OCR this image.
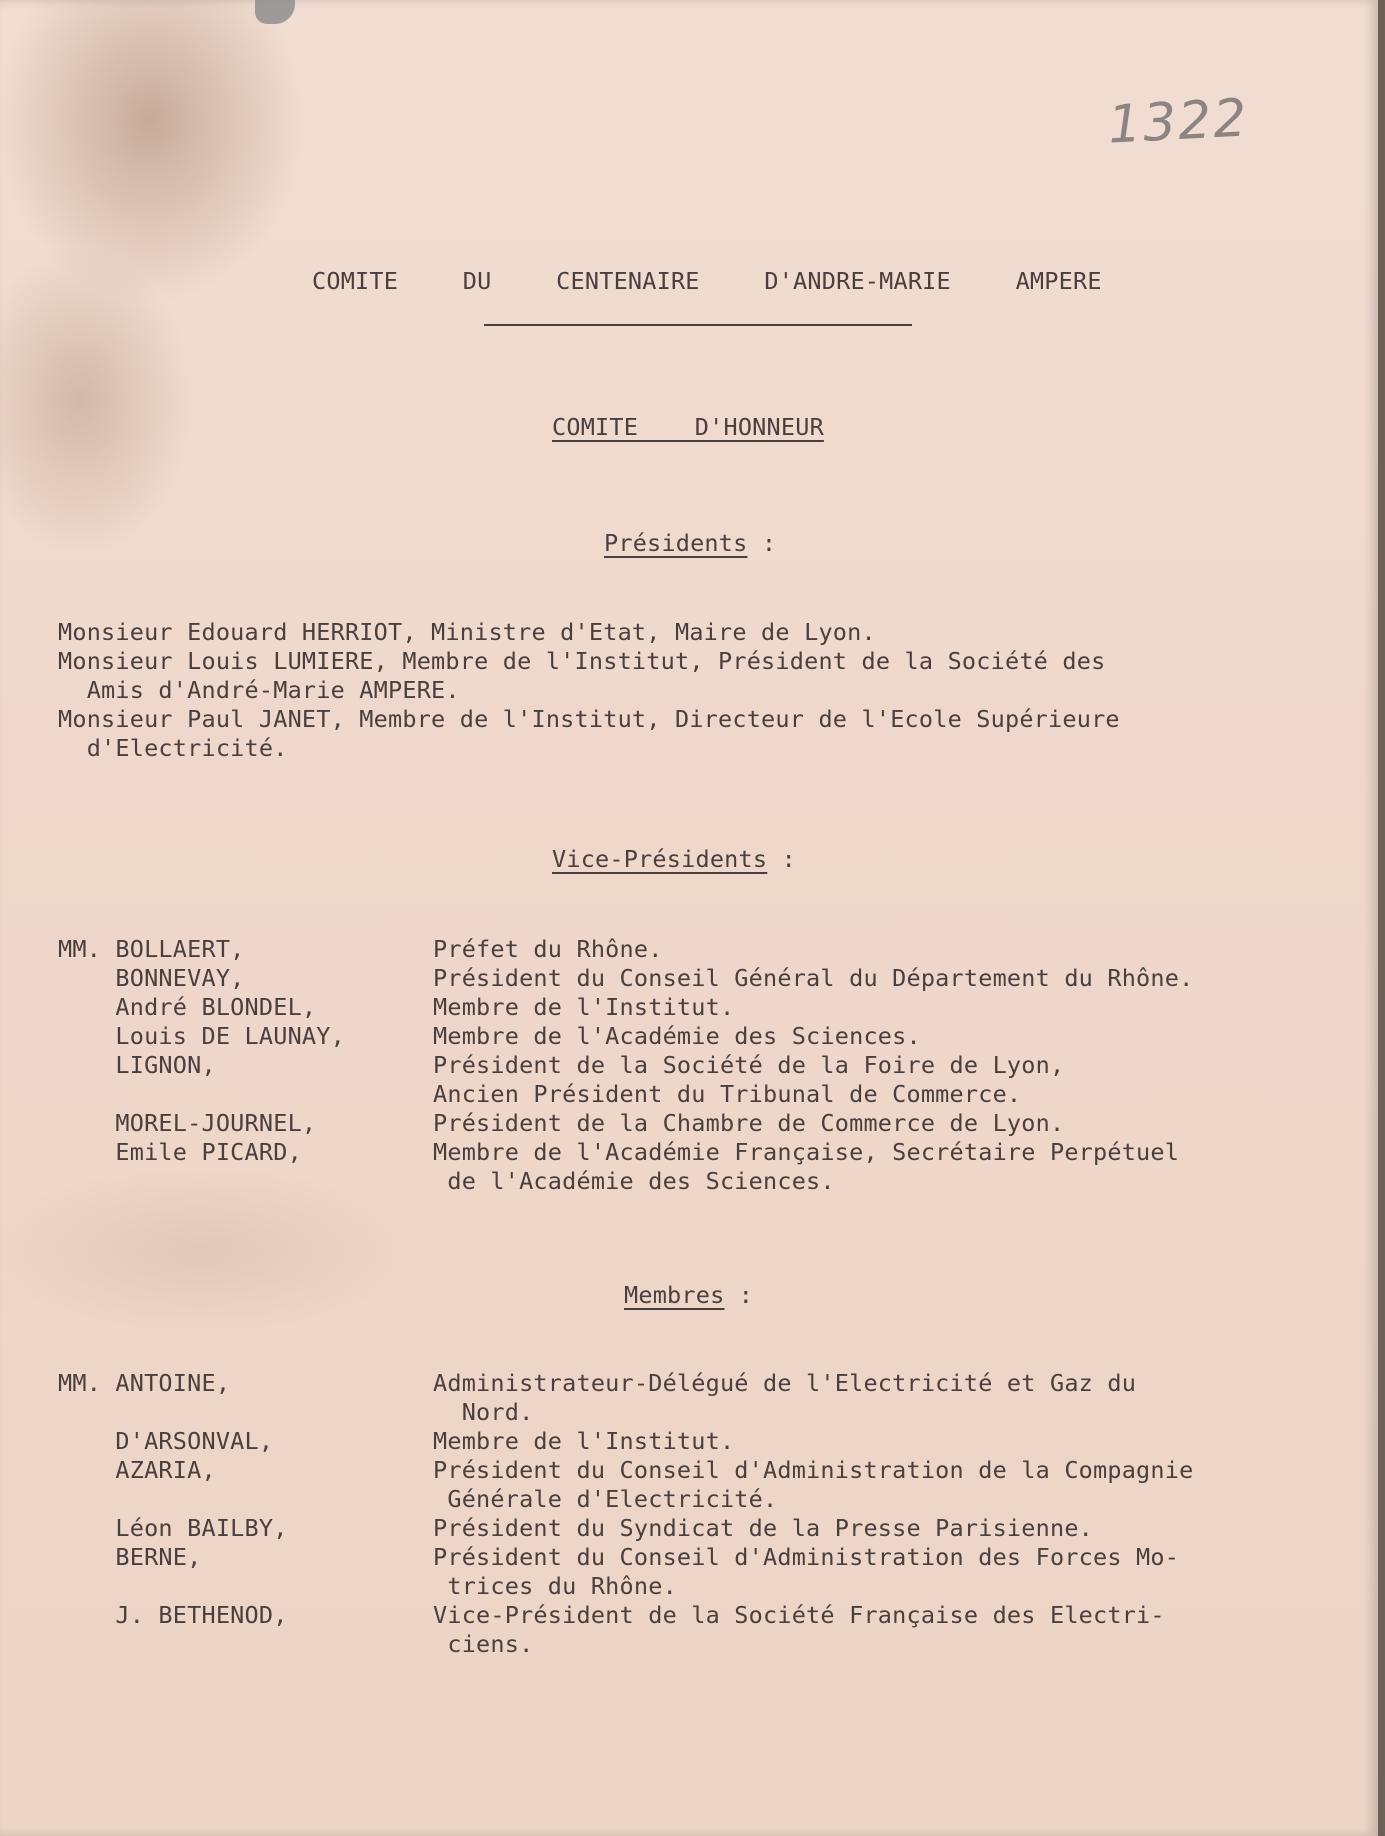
1322
COMITE  DU  CENTENAIRE  D'ANDRE-MARIE  AMPERE
COMITE  D'HONNEUR
Présidents :
Monsieur Edouard HERRIOT, Ministre d'Etat, Maire de Lyon.
Monsieur Louis LUMIERE, Membre de l'Institut, Président de la Société des
Amis d'André-Marie AMPERE.
Monsieur Paul JANET, Membre de l'Institut, Directeur de l'Ecole Supérieure
d'Electricité.
Vice-Présidents :
MM. BOLLAERT,	Préfet du Rhône.
BONNEVAY,	Président du Conseil Général du Département du Rhône.
André BLONDEL,	Membre de l'Institut.
Louis DE LAUNAY,	Membre de l'Académie des Sciences.
LIGNON,	Président de la Société de la Foire de Lyon,
Ancien Président du Tribunal de Commerce.
MOREL-JOURNEL,	Président de la Chambre de Commerce de Lyon.
Emile PICARD,	Membre de l'Académie Française, Secrétaire Perpétuel
de l'Académie des Sciences.
Membres :
MM. ANTOINE,	Administrateur-Délégué de l'Electricité et Gaz du
Nord.
D'ARSONVAL,	Membre de l'Institut.
AZARIA,	Président du Conseil d'Administration de la Compagnie
Générale d'Electricité.
Léon BAILBY,	Président du Syndicat de la Presse Parisienne.
BERNE,	Président du Conseil d'Administration des Forces Mo-
trices du Rhône.
J. BETHENOD,	Vice-Président de la Société Française des Electri-
ciens.
